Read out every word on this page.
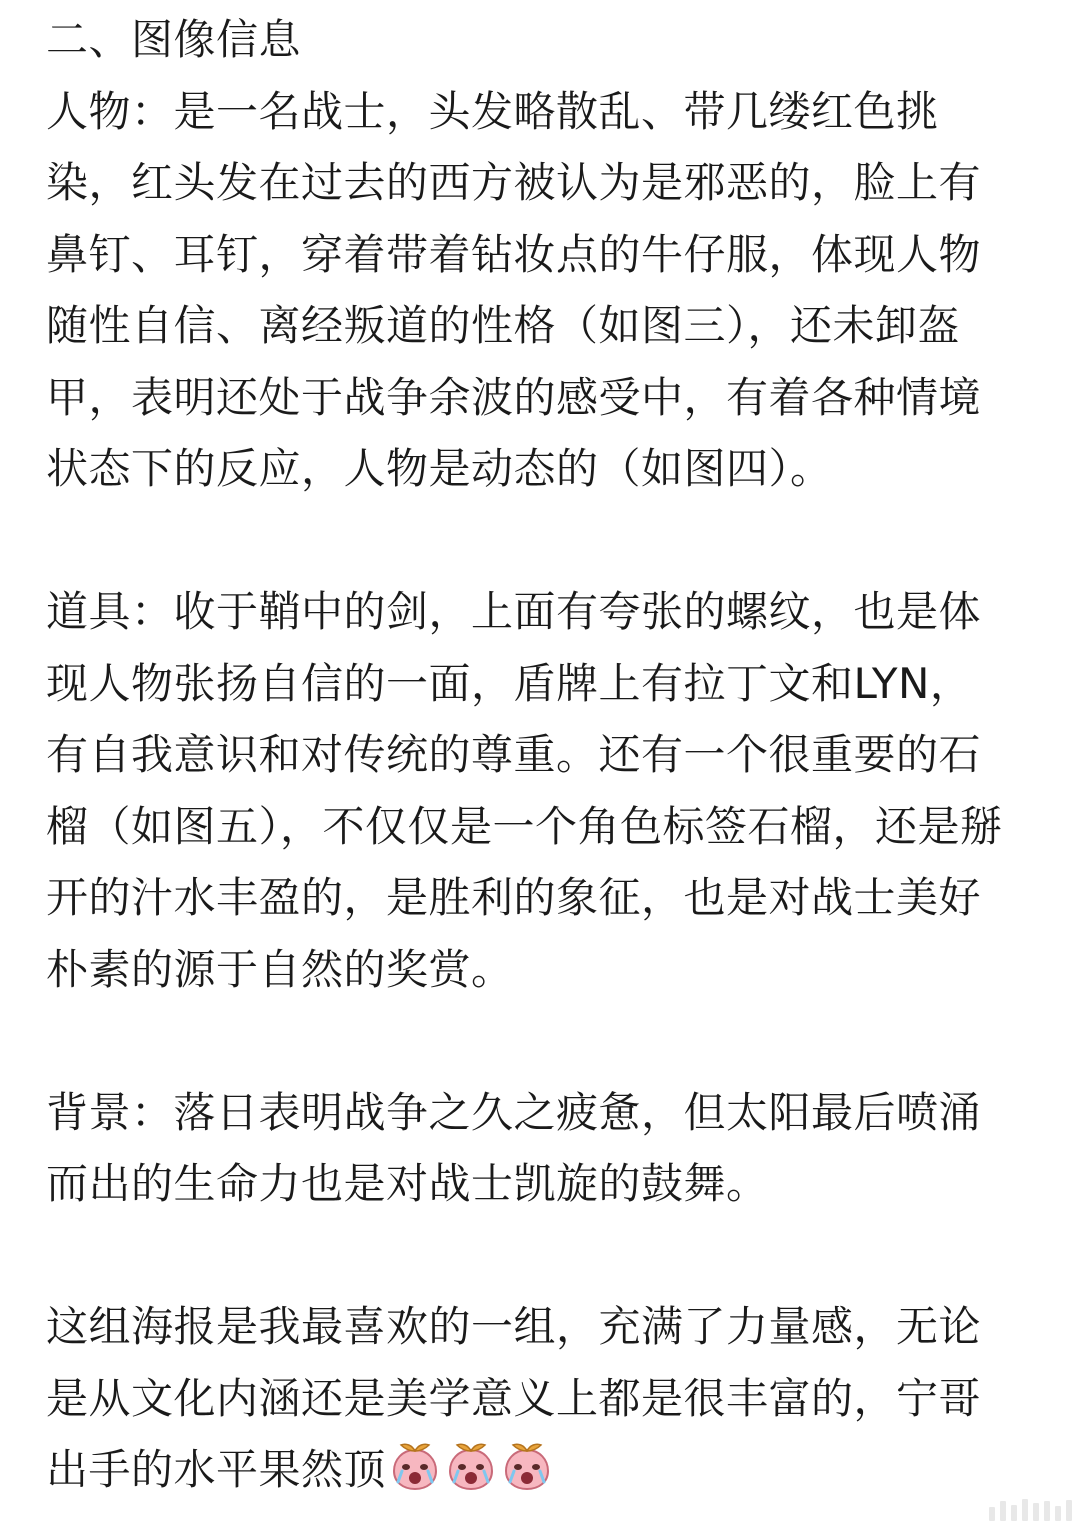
二、图像信息
人物：是一名战士，头发略散乱、带几缕红色挑
染，红头发在过去的西方被认为是邪恶的，脸上有
鼻钉、耳钉，穿着带着钻妆点的牛仔服，体现人物
随性自信、离经叛道的性格（如图三），还未卸盔
甲，表明还处于战争余波的感受中，有着各种情境
状态下的反应，人物是动态的（如图四）。
道具：收于鞘中的剑，上面有夸张的螺纹，也是体
现人物张扬自信的一面，盾牌上有拉丁文和LYN，
有自我意识和对传统的尊重。还有一个很重要的石
榴（如图五），不仅仅是一个角色标签石榴，还是掰
开的汁水丰盈的，是胜利的象征，也是对战士美好
朴素的源于自然的奖赏。
背景：落日表明战争之久之疲惫，但太阳最后喷涌
而出的生命力也是对战士凯旋的鼓舞。
这组海报是我最喜欢的一组，充满了力量感，无论
是从文化内涵还是美学意义上都是很丰富的，宁哥
出手的水平果然顶
